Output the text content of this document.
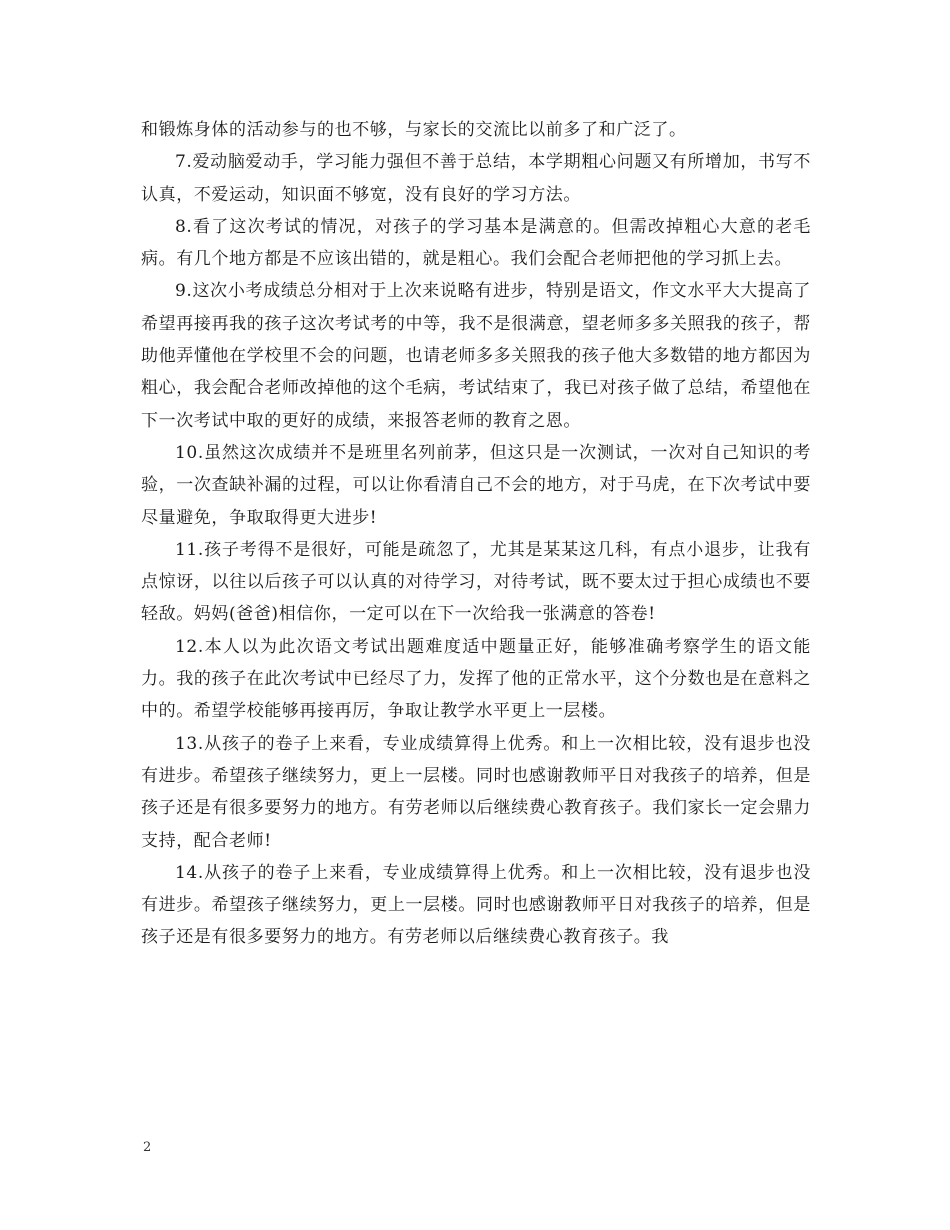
和锻炼身体的活动参与的也不够，与家长的交流比以前多了和广泛了。

7.爱动脑爱动手，学习能力强但不善于总结，本学期粗心问题又有所增加，书写不认真，不爱运动，知识面不够宽，没有良好的学习方法。

8.看了这次考试的情况，对孩子的学习基本是满意的。但需改掉粗心大意的老毛病。有几个地方都是不应该出错的，就是粗心。我们会配合老师把他的学习抓上去。

9.这次小考成绩总分相对于上次来说略有进步，特别是语文，作文水平大大提高了希望再接再我的孩子这次考试考的中等，我不是很满意，望老师多多关照我的孩子，帮助他弄懂他在学校里不会的问题，也请老师多多关照我的孩子他大多数错的地方都因为粗心，我会配合老师改掉他的这个毛病，考试结束了，我已对孩子做了总结，希望他在下一次考试中取的更好的成绩，来报答老师的教育之恩。

10.虽然这次成绩并不是班里名列前茅，但这只是一次测试，一次对自己知识的考验，一次查缺补漏的过程，可以让你看清自己不会的地方，对于马虎，在下次考试中要尽量避免，争取取得更大进步!

11.孩子考得不是很好，可能是疏忽了，尤其是某某这几科，有点小退步，让我有点惊讶，以往以后孩子可以认真的对待学习，对待考试，既不要太过于担心成绩也不要轻敌。妈妈(爸爸)相信你，一定可以在下一次给我一张满意的答卷!

12.本人以为此次语文考试出题难度适中题量正好，能够准确考察学生的语文能力。我的孩子在此次考试中已经尽了力，发挥了他的正常水平，这个分数也是在意料之中的。希望学校能够再接再厉，争取让教学水平更上一层楼。

13.从孩子的卷子上来看，专业成绩算得上优秀。和上一次相比较，没有退步也没有进步。希望孩子继续努力，更上一层楼。同时也感谢教师平日对我孩子的培养，但是孩子还是有很多要努力的地方。有劳老师以后继续费心教育孩子。我们家长一定会鼎力支持，配合老师!

14.从孩子的卷子上来看，专业成绩算得上优秀。和上一次相比较，没有退步也没有进步。希望孩子继续努力，更上一层楼。同时也感谢教师平日对我孩子的培养，但是孩子还是有很多要努力的地方。有劳老师以后继续费心教育孩子。我

2
